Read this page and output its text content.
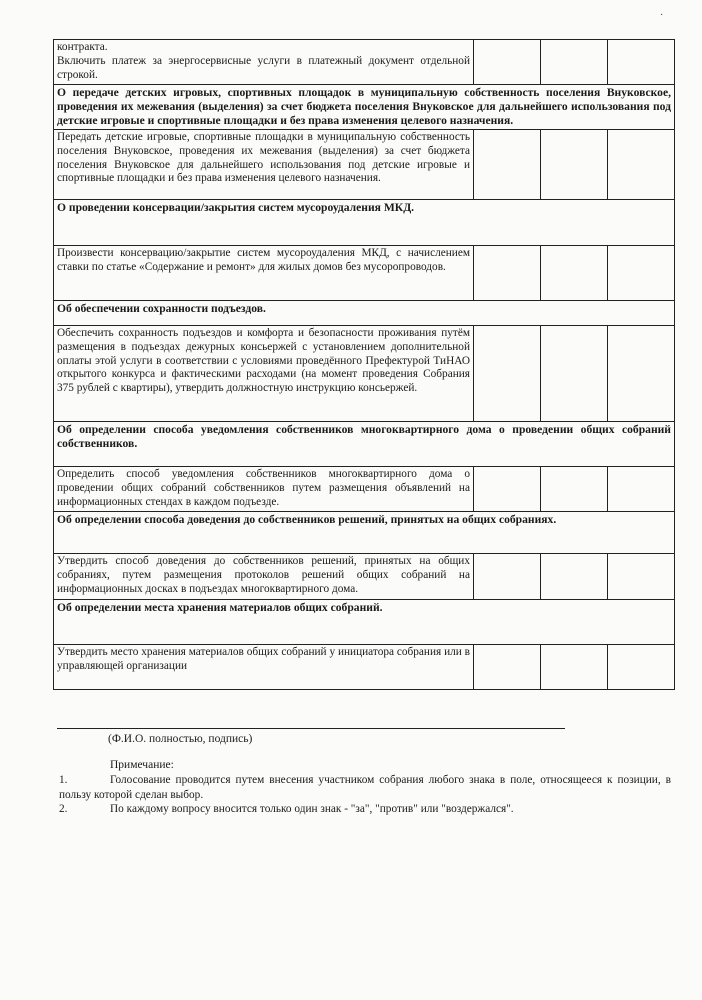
·
контракта.
Включить платеж за энергосервисные услуги в платежный документ отдельной строкой.			
О передаче детских игровых, спортивных площадок в муниципальную собственность поселения Внуковское, проведения их межевания (выделения) за счет бюджета поселения Внуковское для дальнейшего использования под детские игровые и спортивные площадки и без права изменения целевого назначения.			
Передать детские игровые, спортивные площадки в муниципальную собственность поселения Внуковское, проведения их межевания (выделения) за счет бюджета поселения Внуковское для дальнейшего использования под детские игровые и спортивные площадки и без права изменения целевого назначения.			
О проведении консервации/закрытия систем мусороудаления МКД.			
Произвести консервацию/закрытие систем мусороудаления МКД, с начислением ставки по статье «Содержание и ремонт» для жилых домов без мусоропроводов.			
Об обеспечении сохранности подъездов.			
Обеспечить сохранность подъездов и комфорта и безопасности проживания путём размещения в подъездах дежурных консьержей с установлением дополнительной оплаты этой услуги в соответствии с условиями проведённого Префектурой ТиНАО открытого конкурса и фактическими расходами (на момент проведения Собрания 375 рублей с квартиры), утвердить должностную инструкцию консьержей.			
Об определении способа уведомления собственников многоквартирного дома о проведении общих собраний собственников.			
Определить способ уведомления собственников многоквартирного дома о проведении общих собраний собственников путем размещения объявлений на информационных стендах в каждом подъезде.			
Об определении способа доведения до собственников решений, принятых на общих собраниях.			
Утвердить способ доведения до собственников решений, принятых на общих собраниях, путем размещения протоколов решений общих собраний на информационных досках в подъездах многоквартирного дома.			
Об определении места хранения материалов общих собраний.			
Утвердить место хранения материалов общих собраний у инициатора собрания или в управляющей организации			
(Ф.И.О. полностью, подпись)
Примечание:
1.	Голосование проводится путем внесения участником собрания любого знака в поле, относящееся к позиции, в пользу которой сделан выбор.
2.	По каждому вопросу вносится только один знак - "за", "против" или "воздержался".
